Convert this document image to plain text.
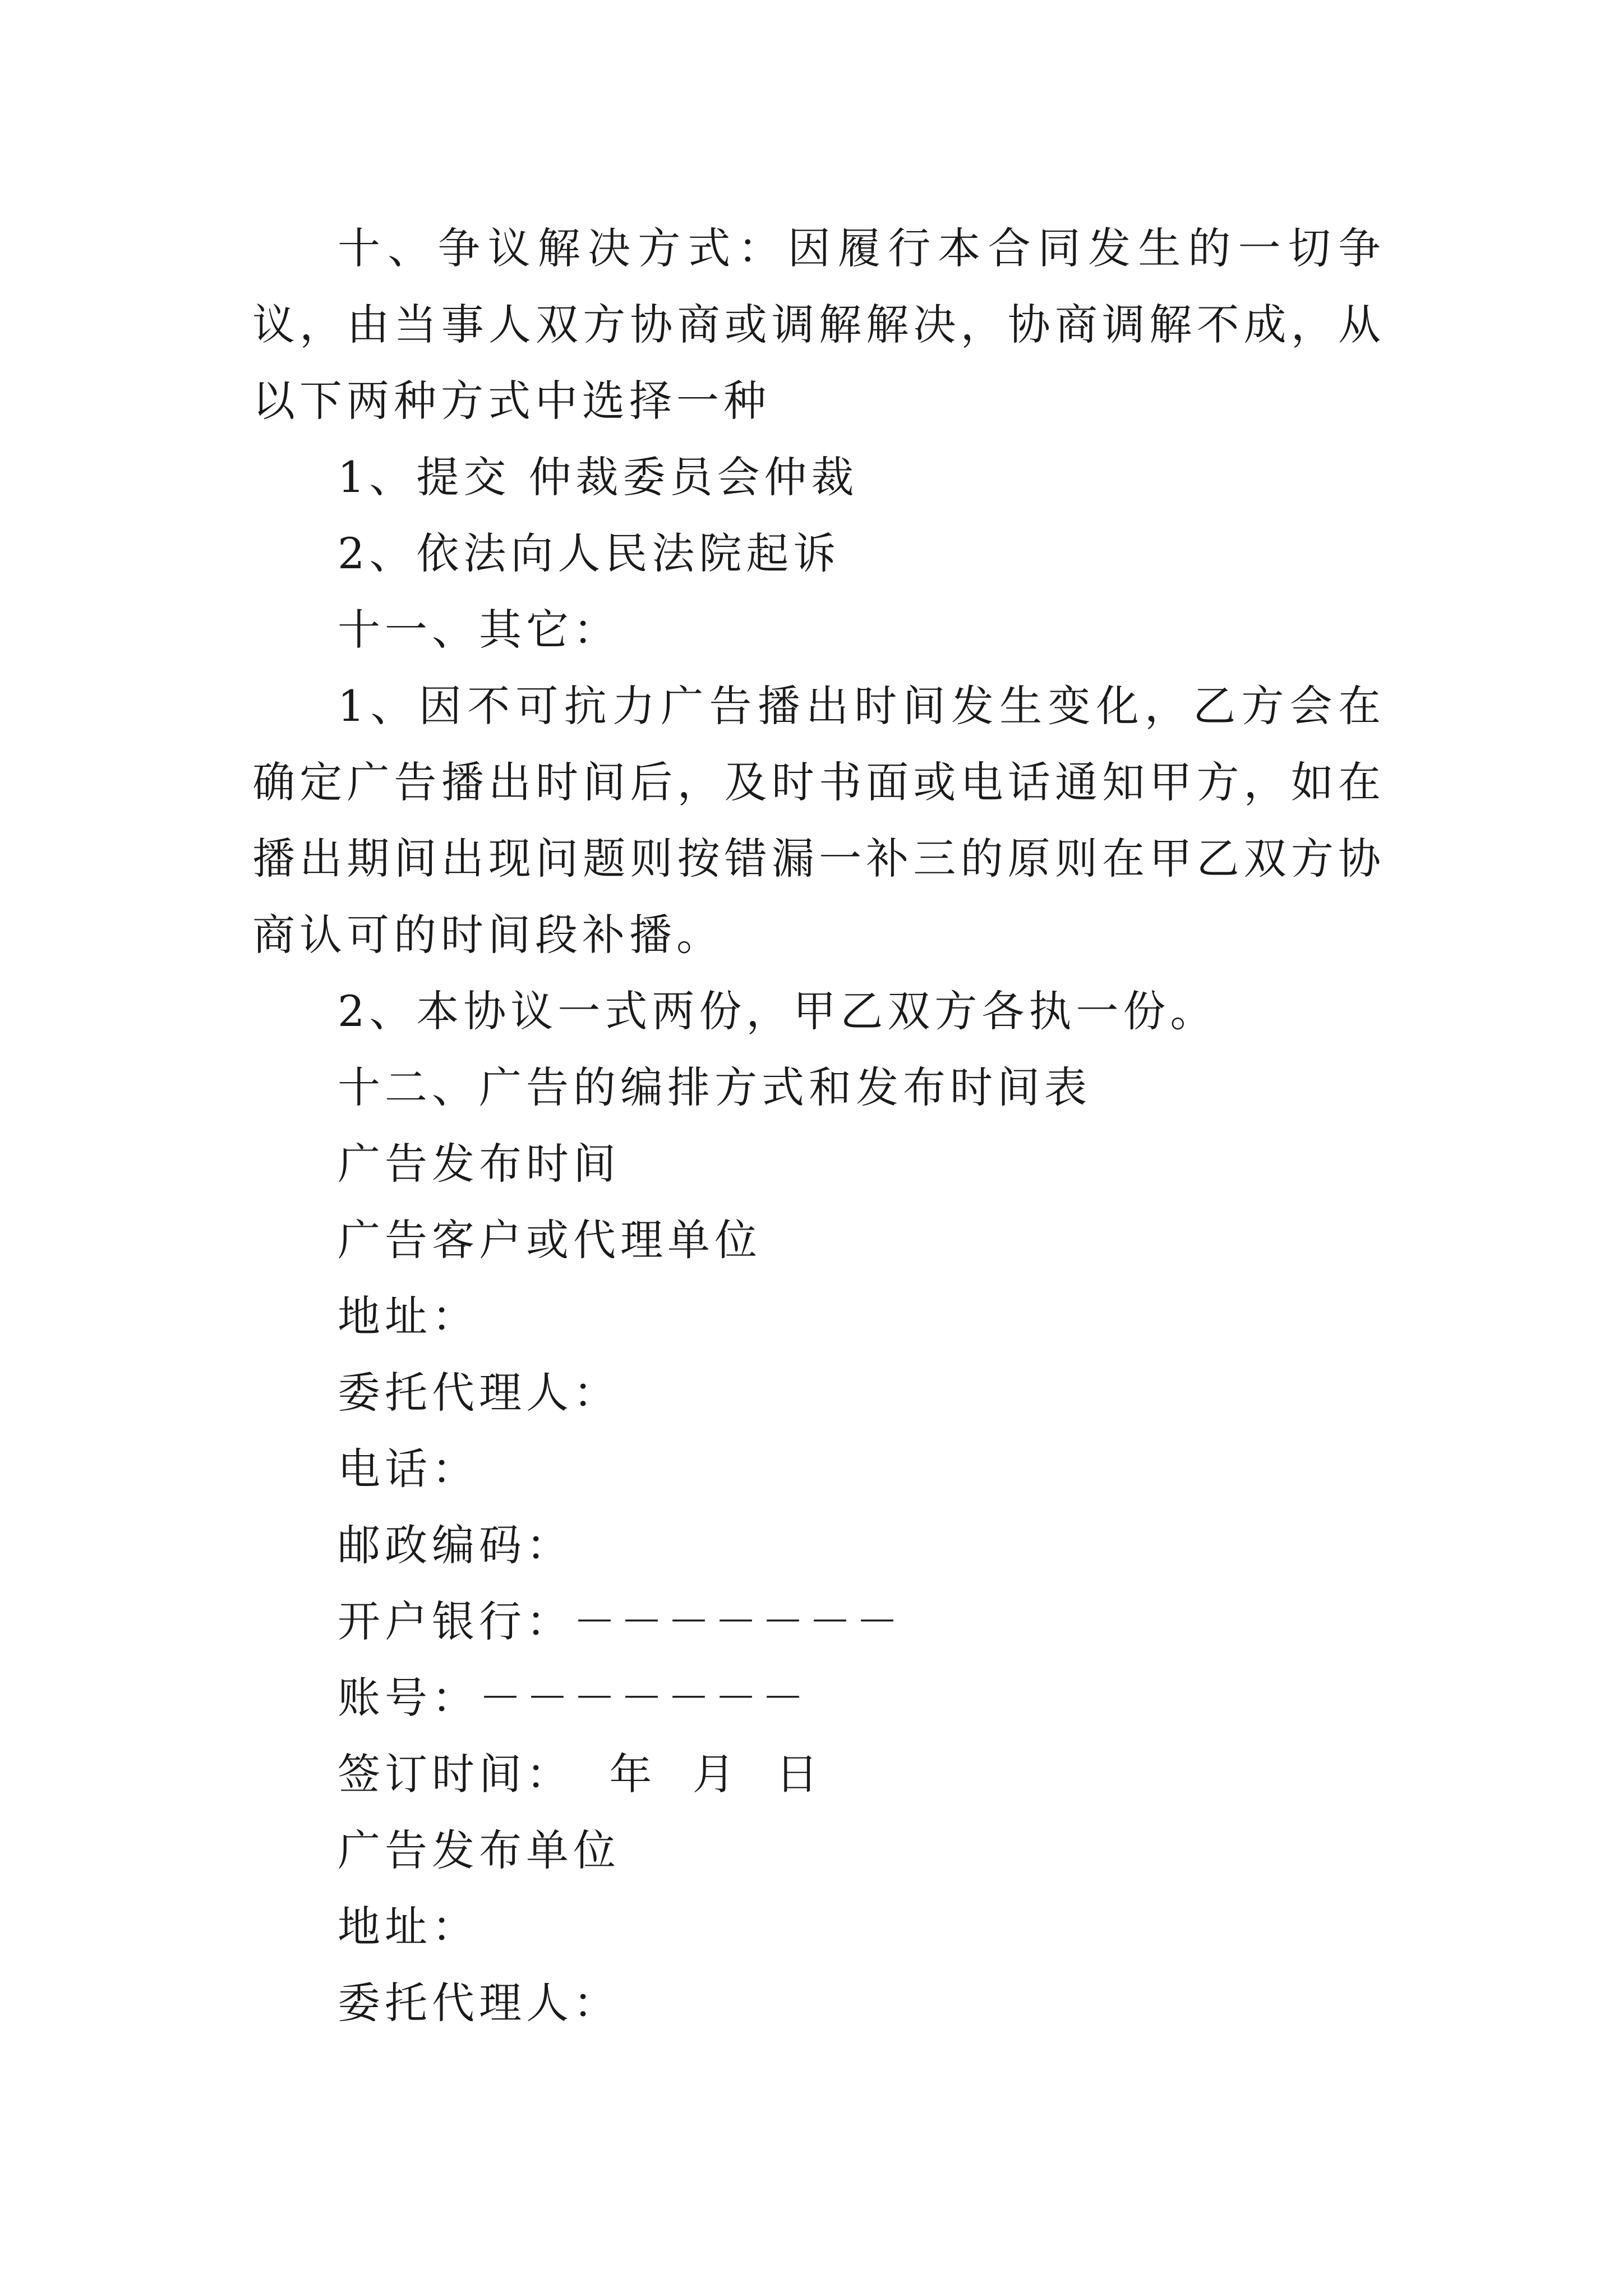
十、争议解决方式：因履行本合同发生的一切争议，由当事人双方协商或调解解决，协商调解不成，从以下两种方式中选择一种

1、提交 仲裁委员会仲裁

2、依法向人民法院起诉

十一、其它：

1、因不可抗力广告播出时间发生变化，乙方会在确定广告播出时间后，及时书面或电话通知甲方，如在播出期间出现问题则按错漏一补三的原则在甲乙双方协商认可的时间段补播。

2、本协议一式两份，甲乙双方各执一份。

十二、广告的编排方式和发布时间表

广告发布时间

广告客户或代理单位

地址：

委托代理人：

电话：

邮政编码：

开户银行：－－－－－－－

账号：－－－－－－－

签订时间：  年  月  日

广告发布单位

地址：

委托代理人：
